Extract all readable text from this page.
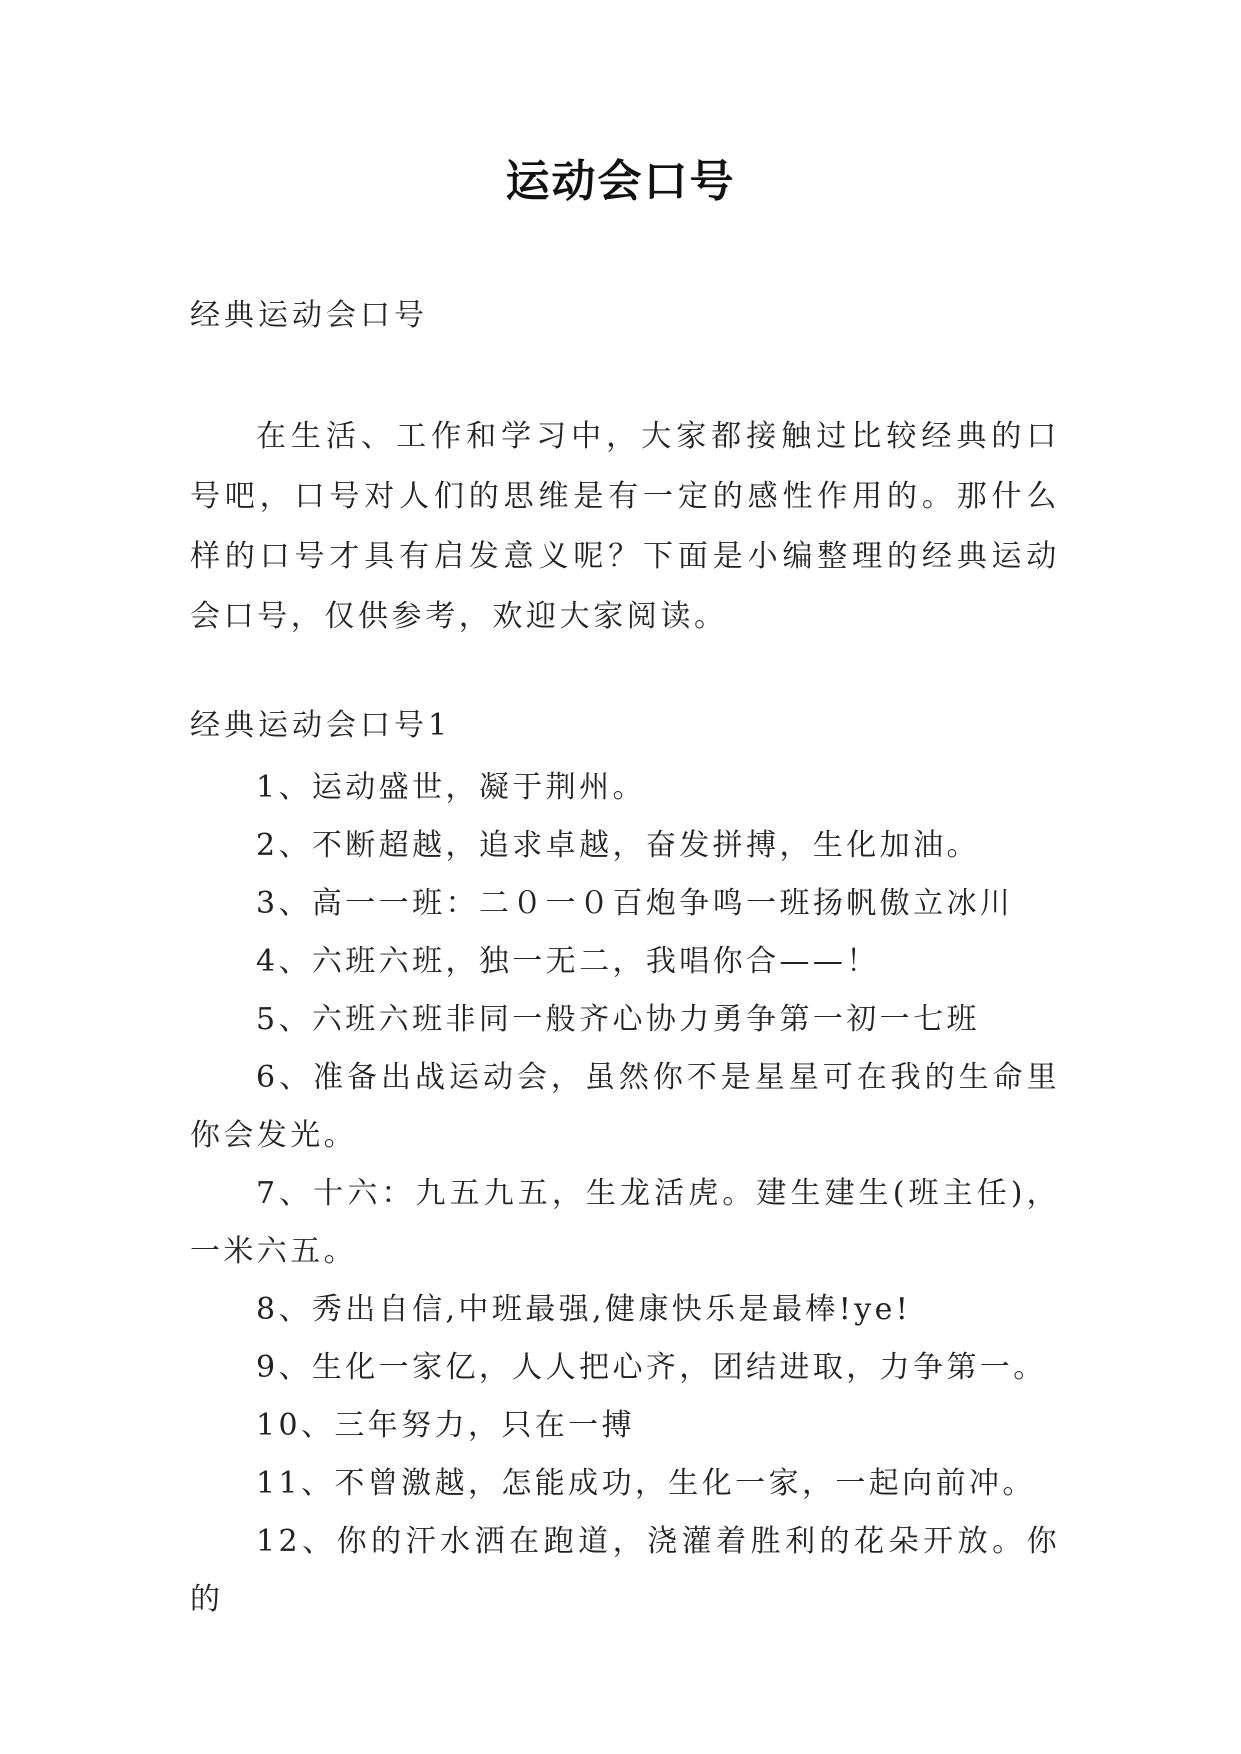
运动会口号

经典运动会口号

在生活、工作和学习中，大家都接触过比较经典的口号吧，口号对人们的思维是有一定的感性作用的。那什么样的口号才具有启发意义呢？下面是小编整理的经典运动会口号，仅供参考，欢迎大家阅读。

经典运动会口号1

1、运动盛世，凝于荆州。
2、不断超越，追求卓越，奋发拼搏，生化加油。
3、高一一班：二０一０百炮争鸣一班扬帆傲立冰川
4、六班六班，独一无二，我唱你合——！
5、六班六班非同一般齐心协力勇争第一初一七班
6、准备出战运动会，虽然你不是星星可在我的生命里你会发光。
7、十六：九五九五，生龙活虎。建生建生(班主任)，一米六五。
8、秀出自信,中班最强,健康快乐是最棒!ye!
9、生化一家亿，人人把心齐，团结进取，力争第一。
10、三年努力，只在一搏
11、不曾激越，怎能成功，生化一家，一起向前冲。
12、你的汗水洒在跑道，浇灌着胜利的花朵开放。你的
